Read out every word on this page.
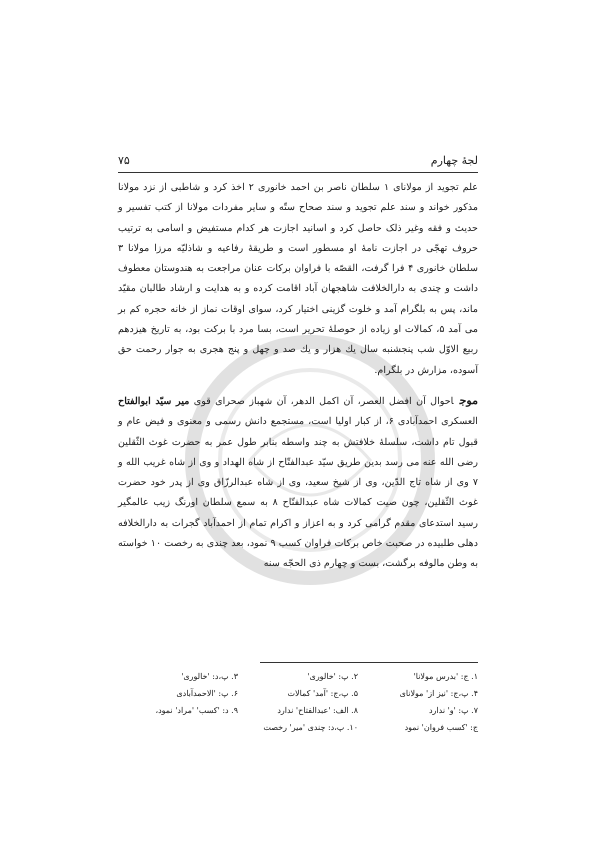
لجۀ چهارم
۷۵

علم تجوید از مولانای ۱ سلطان ناصر بن احمد خانوری ۲ اخذ کرد و شاطبی از نزد مولانا مذکور خواند و سند علم تجوید و سند صحاح ستّه و سایر مفردات مولانا از کتب تفسیر و حدیث و فقه وغیر ذلک حاصل کرد و اسانید اجازت هر کدام مستفیض و اسامی به ترتیب حروف تهجّی در اجازت نامۀ او مسطور است و طریقۀ رفاعیه و شاذلیّه مرزا مولانا ۳ سلطان خانوری ۴ فرا گرفت، القصّه با فراوان برکات عنان مراجعت به هندوستان معطوف داشت و چندی به دارالخلافت شاهجهان آباد اقامت کرده و به هدایت و ارشاد طالبان مقیّد ماند، پس به بلگرام آمد و خلوت گزینی اختیار کرد، سوای اوقات نماز از خانه حجره کم بر می آمد ۵، کمالات او زیاده از حوصلۀ تحریر است، بسا مرد با برکت بود، به تاریخ هیزدهم ربیع الاوّل شب پنجشنبه سال یك هزار و یك صد و چهل و پنج هجری به جوار رحمت حق آسوده، مزارش در بلگرام.

موجاحوال آن افضل العصر، آن اکمل الدهر، آن شهباز صحرای قوی میر سیّد ابوالفتاح العسکری احمدآبادی ۶، از کبار اولیا است، مستجمع دانش رسمی و معنوی و فیض عام و قبول تام داشت، سلسلۀ خلافتش به چند واسطه بنابر طول عمر به حضرت غوث الثّقلین رضی الله عنه می رسد بدین طریق سیّد عبدالفتّاح از شاه الهداد و وی از شاه غریب الله و ۷ وی از شاه تاج الدّین، وی از شیخ سعید، وی از شاه عبدالرزّاق وی از پدر خود حضرت غوث الثّقلین، چون صیت کمالات شاه عبدالفتّاح ۸ به سمع سلطان اورنگ زیب عالمگیر رسید استدعای مقدم گرامی کرد و به اعزاز و اکرام تمام از احمدآباد گجرات به دارالخلافه دهلی طلبیده در صحبت خاص برکات فراوان کسب ۹ نمود، بعد چندی به رخصت ۱۰ خواسته به وطن مالوفه برگشت، بست و چهارم ذی الحجّه سنه

۱. ج: 'بدرس مولانا'
۲. پ: 'خالوری'
۳. پ،د: 'خالوری'
۴. پ،ج: 'نیز از' مولانای
۵. پ،ج: 'آمد' کمالات
۶. پ: 'الاحمدآبادی
۷. پ: 'و' ندارد
۸. الف: 'عبدالفتاح' ندارد
۹. د: 'کسب' 'مراد' نمود،
ج: 'کسب فروان' نمود
۱۰. پ،د: چندی 'میر' رخصت
